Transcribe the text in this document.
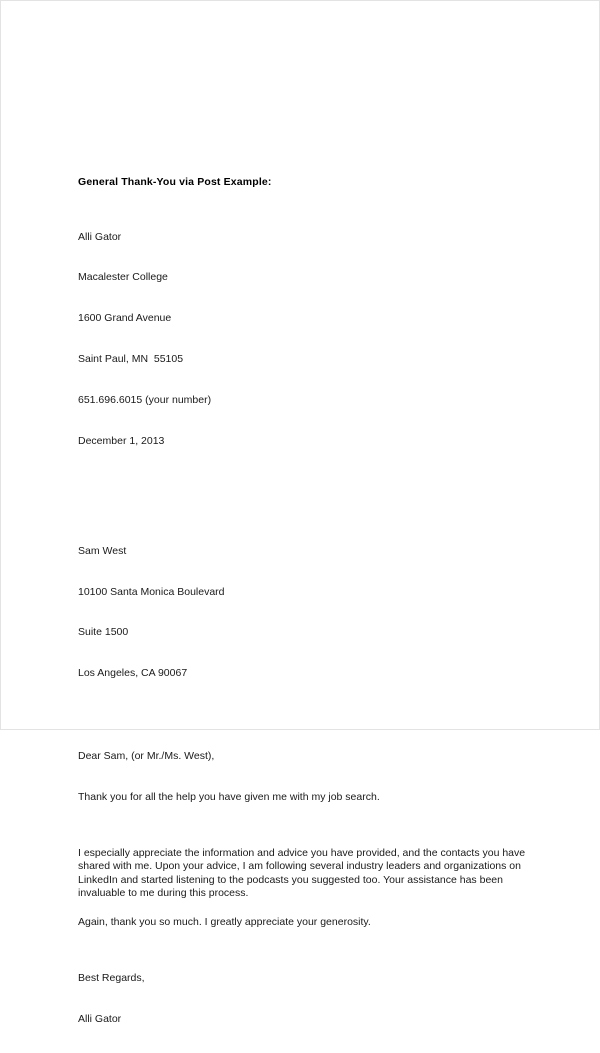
General Thank-You via Post Example:

Alli Gator

Macalester College

1600 Grand Avenue

Saint Paul, MN  55105

651.696.6015 (your number)

December 1, 2013

Sam West

10100 Santa Monica Boulevard

Suite 1500

Los Angeles, CA 90067

Dear Sam, (or Mr./Ms. West),

Thank you for all the help you have given me with my job search.

I especially appreciate the information and advice you have provided, and the contacts you have shared with me. Upon your advice, I am following several industry leaders and organizations on LinkedIn and started listening to the podcasts you suggested too. Your assistance has been invaluable to me during this process.
Again, thank you so much. I greatly appreciate your generosity.

Best Regards,

Alli Gator
